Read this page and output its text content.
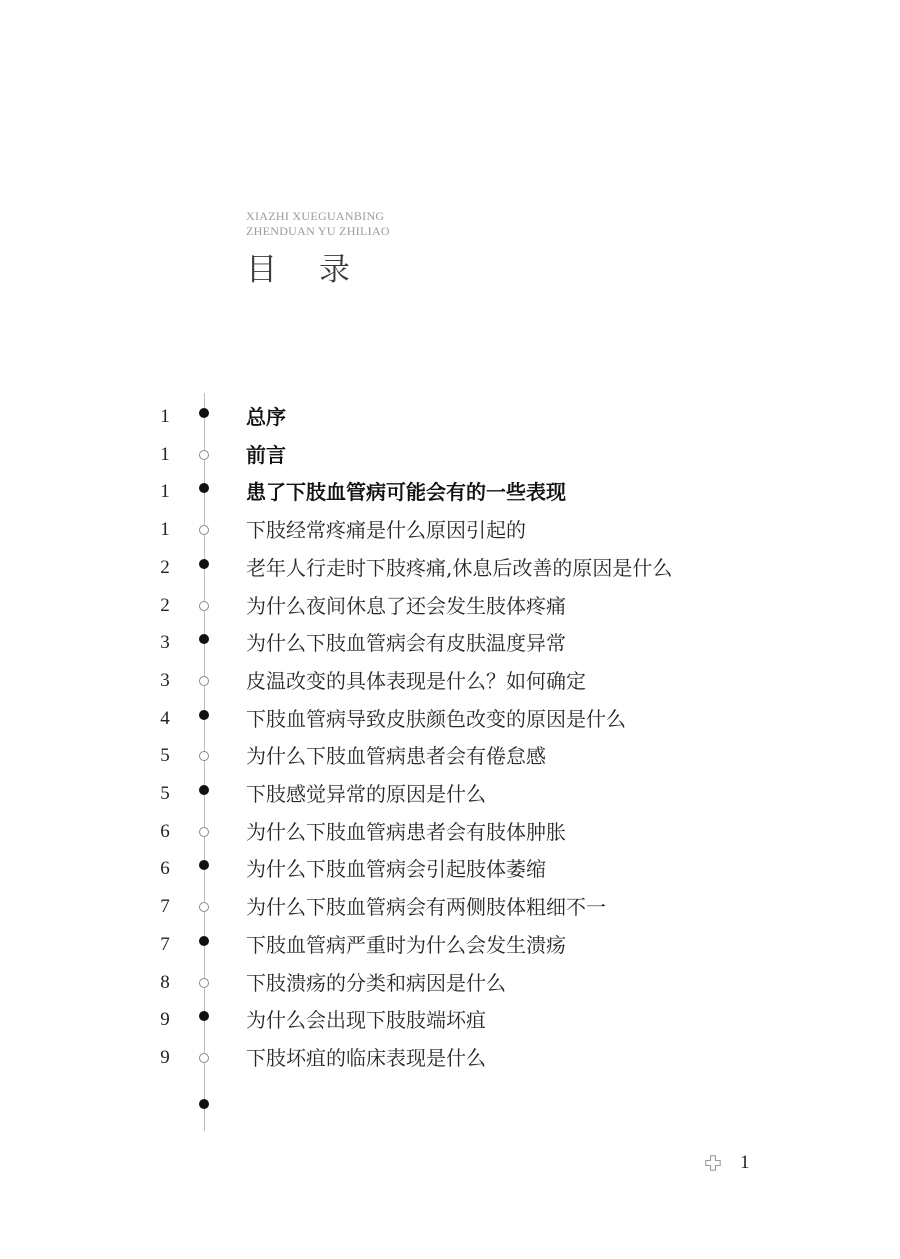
XIAZHI XUEGUANBING
ZHENDUAN YU ZHILIAO
目录
1	总序
1	前言
1	患了下肢血管病可能会有的一些表现
1	下肢经常疼痛是什么原因引起的
2	老年人行走时下肢疼痛,休息后改善的原因是什么
2	为什么夜间休息了还会发生肢体疼痛
3	为什么下肢血管病会有皮肤温度异常
3	皮温改变的具体表现是什么？如何确定
4	下肢血管病导致皮肤颜色改变的原因是什么
5	为什么下肢血管病患者会有倦怠感
5	下肢感觉异常的原因是什么
6	为什么下肢血管病患者会有肢体肿胀
6	为什么下肢血管病会引起肢体萎缩
7	为什么下肢血管病会有两侧肢体粗细不一
7	下肢血管病严重时为什么会发生溃疡
8	下肢溃疡的分类和病因是什么
9	为什么会出现下肢肢端坏疽
9	下肢坏疽的临床表现是什么
1
